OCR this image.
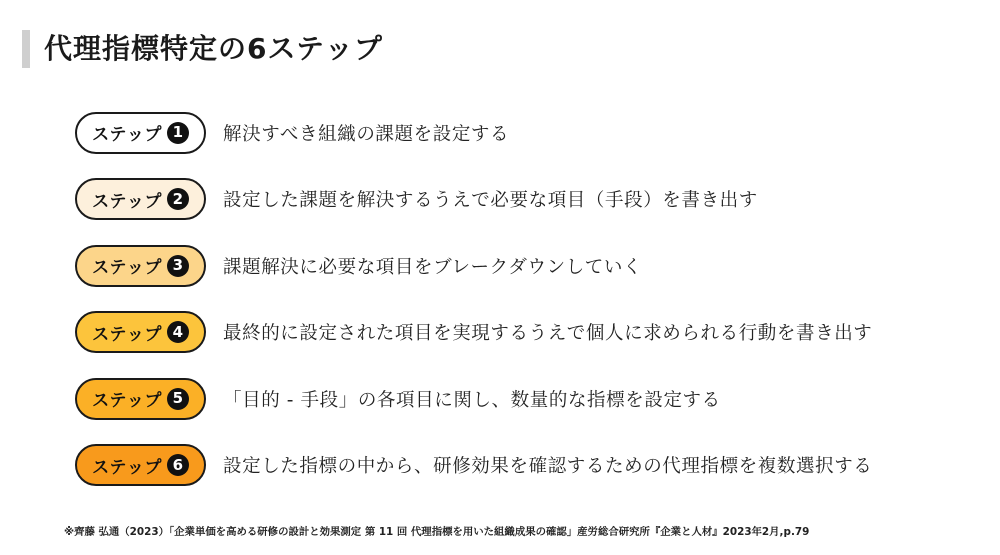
代理指標特定の6ステップ
ステップ 1	解決すべき組織の課題を設定する
ステップ 2	設定した課題を解決するうえで必要な項目（手段）を書き出す
ステップ 3	課題解決に必要な項目をブレークダウンしていく
ステップ 4	最終的に設定された項目を実現するうえで個人に求められる行動を書き出す
ステップ 5	「目的 - 手段」の各項目に関し、数量的な指標を設定する
ステップ 6	設定した指標の中から、研修効果を確認するための代理指標を複数選択する
※齊藤 弘通（2023）「企業単価を高める研修の設計と効果測定 第 11 回 代理指標を用いた組織成果の確認」産労総合研究所『企業と人材』2023年2月,p.79
